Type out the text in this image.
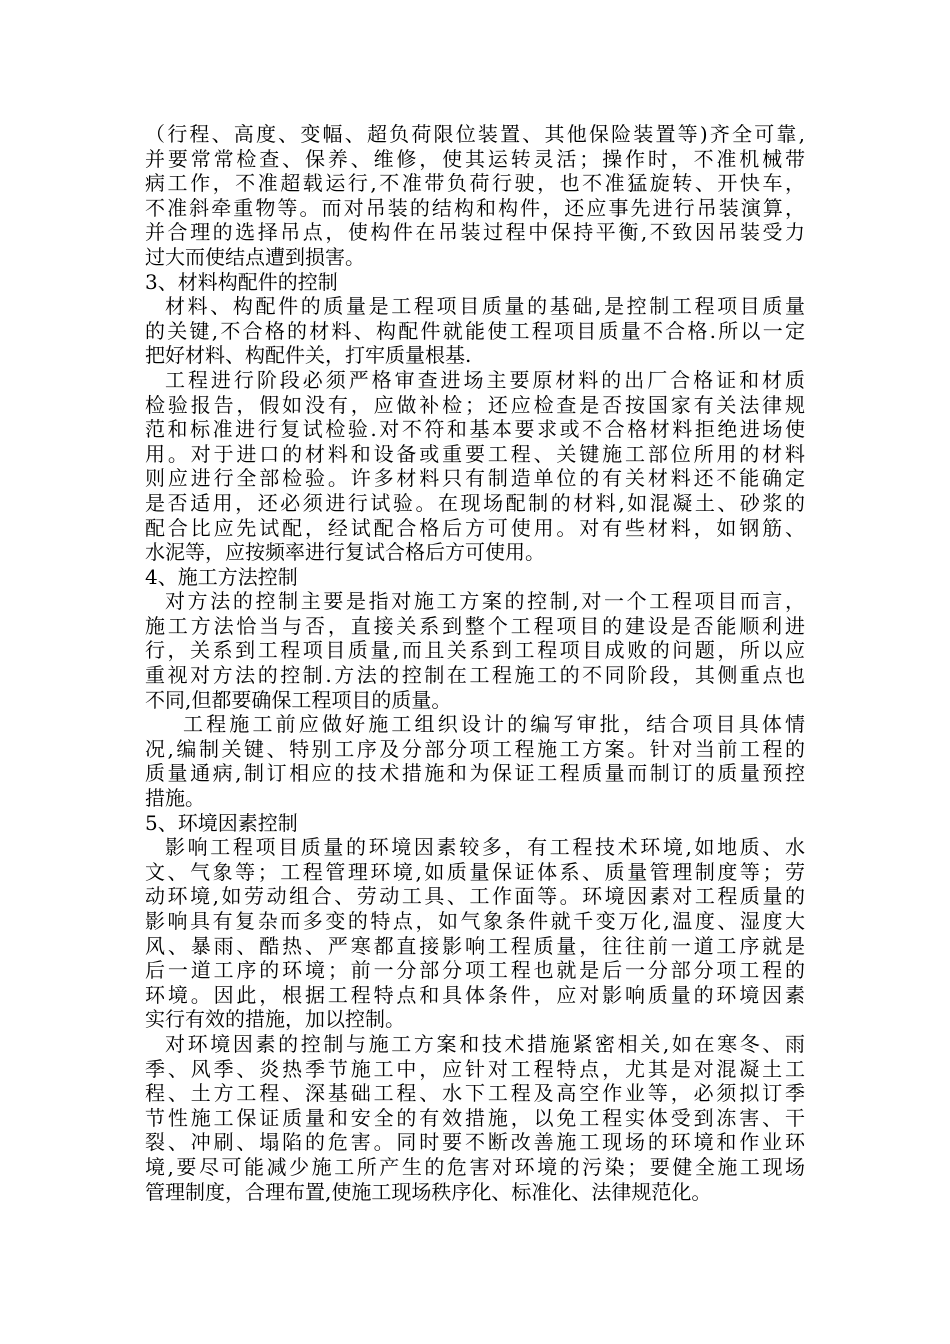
（行程、高度、变幅、超负荷限位装置、其他保险装置等)齐全可靠,
并要常常检查、保养、维修，使其运转灵活；操作时，不准机械带
病工作，不准超载运行,不准带负荷行驶，也不准猛旋转、开快车，
不准斜牵重物等。而对吊装的结构和构件，还应事先进行吊装演算，
并合理的选择吊点，使构件在吊装过程中保持平衡,不致因吊装受力
过大而使结点遭到损害。
3、材料构配件的控制
材料、构配件的质量是工程项目质量的基础,是控制工程项目质量
的关键,不合格的材料、构配件就能使工程项目质量不合格.所以一定
把好材料、构配件关，打牢质量根基.
工程进行阶段必须严格审查进场主要原材料的出厂合格证和材质
检验报告，假如没有，应做补检；还应检查是否按国家有关法律规
范和标准进行复试检验.对不符和基本要求或不合格材料拒绝进场使
用。对于进口的材料和设备或重要工程、关键施工部位所用的材料
则应进行全部检验。许多材料只有制造单位的有关材料还不能确定
是否适用，还必须进行试验。在现场配制的材料,如混凝土、砂浆的
配合比应先试配，经试配合格后方可使用。对有些材料，如钢筋、
水泥等，应按频率进行复试合格后方可使用。
4、施工方法控制
对方法的控制主要是指对施工方案的控制,对一个工程项目而言，
施工方法恰当与否，直接关系到整个工程项目的建设是否能顺利进
行，关系到工程项目质量,而且关系到工程项目成败的问题，所以应
重视对方法的控制.方法的控制在工程施工的不同阶段，其侧重点也
不同,但都要确保工程项目的质量。
工程施工前应做好施工组织设计的编写审批，结合项目具体情
况,编制关键、特别工序及分部分项工程施工方案。针对当前工程的
质量通病,制订相应的技术措施和为保证工程质量而制订的质量预控
措施。
5、环境因素控制
影响工程项目质量的环境因素较多，有工程技术环境,如地质、水
文、气象等；工程管理环境,如质量保证体系、质量管理制度等；劳
动环境,如劳动组合、劳动工具、工作面等。环境因素对工程质量的
影响具有复杂而多变的特点，如气象条件就千变万化,温度、湿度大
风、暴雨、酷热、严寒都直接影响工程质量，往往前一道工序就是
后一道工序的环境；前一分部分项工程也就是后一分部分项工程的
环境。因此，根据工程特点和具体条件，应对影响质量的环境因素
实行有效的措施，加以控制。
对环境因素的控制与施工方案和技术措施紧密相关,如在寒冬、雨
季、风季、炎热季节施工中，应针对工程特点，尤其是对混凝土工
程、土方工程、深基础工程、水下工程及高空作业等，必须拟订季
节性施工保证质量和安全的有效措施，以免工程实体受到冻害、干
裂、冲刷、塌陷的危害。同时要不断改善施工现场的环境和作业环
境,要尽可能减少施工所产生的危害对环境的污染；要健全施工现场
管理制度，合理布置,使施工现场秩序化、标准化、法律规范化。
